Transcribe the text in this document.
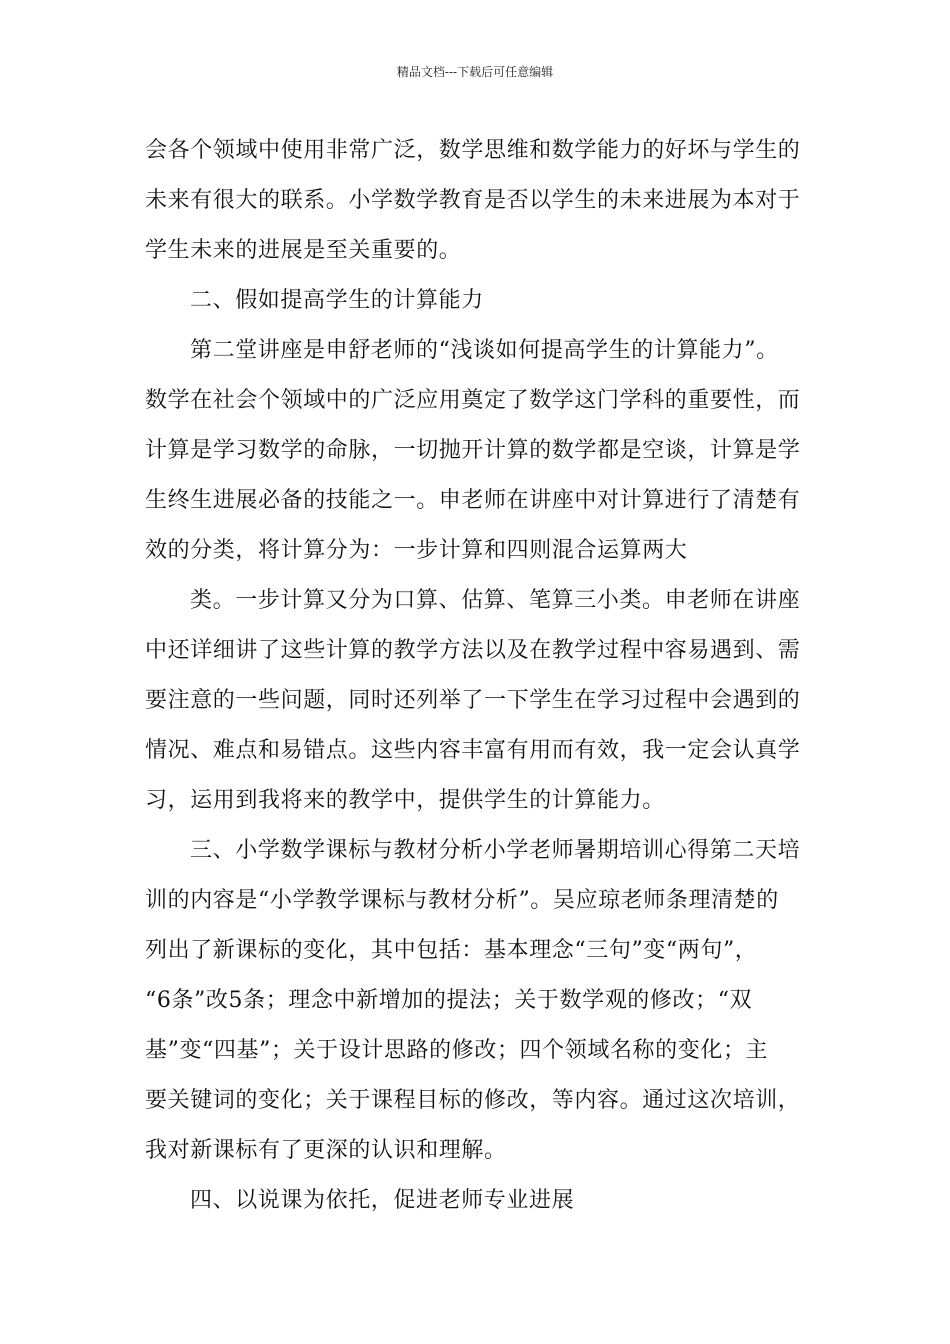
精品文档---下载后可任意编辑
会各个领域中使用非常广泛，数学思维和数学能力的好坏与学生的
未来有很大的联系。小学数学教育是否以学生的未来进展为本对于
学生未来的进展是至关重要的。
二、假如提高学生的计算能力
第二堂讲座是申舒老师的“浅谈如何提高学生的计算能力”。
数学在社会个领域中的广泛应用奠定了数学这门学科的重要性，而
计算是学习数学的命脉，一切抛开计算的数学都是空谈，计算是学
生终生进展必备的技能之一。申老师在讲座中对计算进行了清楚有
效的分类，将计算分为：一步计算和四则混合运算两大
类。一步计算又分为口算、估算、笔算三小类。申老师在讲座
中还详细讲了这些计算的教学方法以及在教学过程中容易遇到、需
要注意的一些问题，同时还列举了一下学生在学习过程中会遇到的
情况、难点和易错点。这些内容丰富有用而有效，我一定会认真学
习，运用到我将来的教学中，提供学生的计算能力。
三、小学数学课标与教材分析小学老师暑期培训心得第二天培
训的内容是“小学教学课标与教材分析”。吴应琼老师条理清楚的
列出了新课标的变化，其中包括：基本理念“三句”变“两句”，
“6条”改5条；理念中新增加的提法；关于数学观的修改；“双
基”变“四基”；关于设计思路的修改；四个领域名称的变化；主
要关键词的变化；关于课程目标的修改，等内容。通过这次培训，
我对新课标有了更深的认识和理解。
四、以说课为依托，促进老师专业进展
